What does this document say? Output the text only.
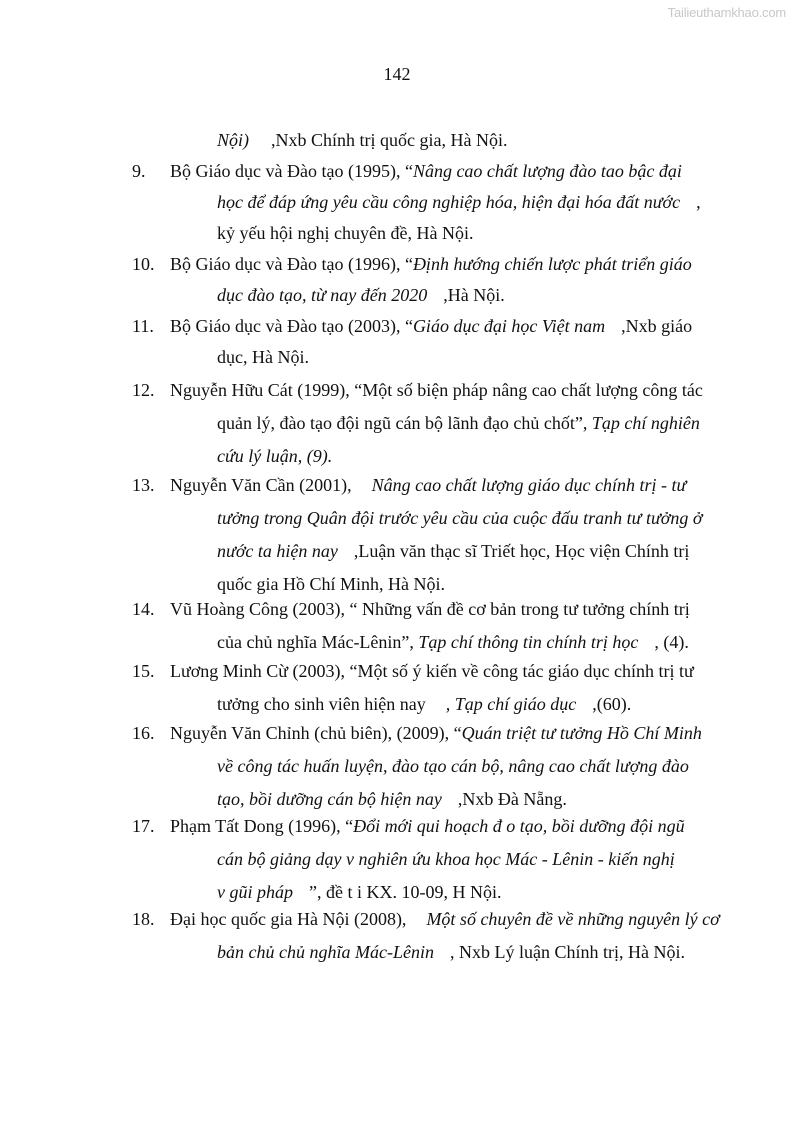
Tailieuthamkhao.com
142
Nội) ,Nxb Chính trị quốc gia, Hà Nội.
9. Bộ Giáo dục và Đào tạo (1995), “Nâng cao chất lượng đào tao bậc đại
học để đáp ứng yêu cầu công nghiệp hóa, hiện đại hóa đất nước ,
kỷ yếu hội nghị chuyên đề, Hà Nội.
10. Bộ Giáo dục và Đào tạo (1996), “Định hướng chiến lược phát triển giáo
dục đào tạo, từ nay đến 2020 ,Hà Nội.
11. Bộ Giáo dục và Đào tạo (2003), “Giáo dục đại học Việt nam ,Nxb giáo
dục, Hà Nội.
12. Nguyễn Hữu Cát (1999), “Một số biện pháp nâng cao chất lượng công tác
quản lý, đào tạo đội ngũ cán bộ lãnh đạo chủ chốt”, Tạp chí nghiên
cứu lý luận, (9).
13. Nguyễn Văn Cần (2001), Nâng cao chất lượng giáo dục chính trị - tư
tưởng trong Quân đội trước yêu cầu của cuộc đấu tranh tư tưởng ở
nước ta hiện nay ,Luận văn thạc sĩ Triết học, Học viện Chính trị
quốc gia Hồ Chí Minh, Hà Nội.
14. Vũ Hoàng Công (2003), “ Những vấn đề cơ bản trong tư tưởng chính trị
của chủ nghĩa Mác-Lênin”, Tạp chí thông tin chính trị học , (4).
15. Lương Minh Cừ (2003), “Một số ý kiến về công tác giáo dục chính trị tư
tưởng cho sinh viên hiện nay , Tạp chí giáo dục ,(60).
16. Nguyễn Văn Chỉnh (chủ biên), (2009), “Quán triệt tư tưởng Hồ Chí Minh
về công tác huấn luyện, đào tạo cán bộ, nâng cao chất lượng đào
tạo, bồi dưỡng cán bộ hiện nay ,Nxb Đà Nẵng.
17. Phạm Tất Dong (1996), “Đổi mới qui hoạch đ o tạo, bồi dưỡng đội ngũ
cán bộ giảng dạy v nghiên ứu khoa học Mác - Lênin - kiến nghị
v gũi pháp ”, đề t i KX. 10-09, H Nội.
18. Đại học quốc gia Hà Nội (2008), Một số chuyên đề về những nguyên lý cơ
bản chủ chủ nghĩa Mác-Lênin , Nxb Lý luận Chính trị, Hà Nội.
